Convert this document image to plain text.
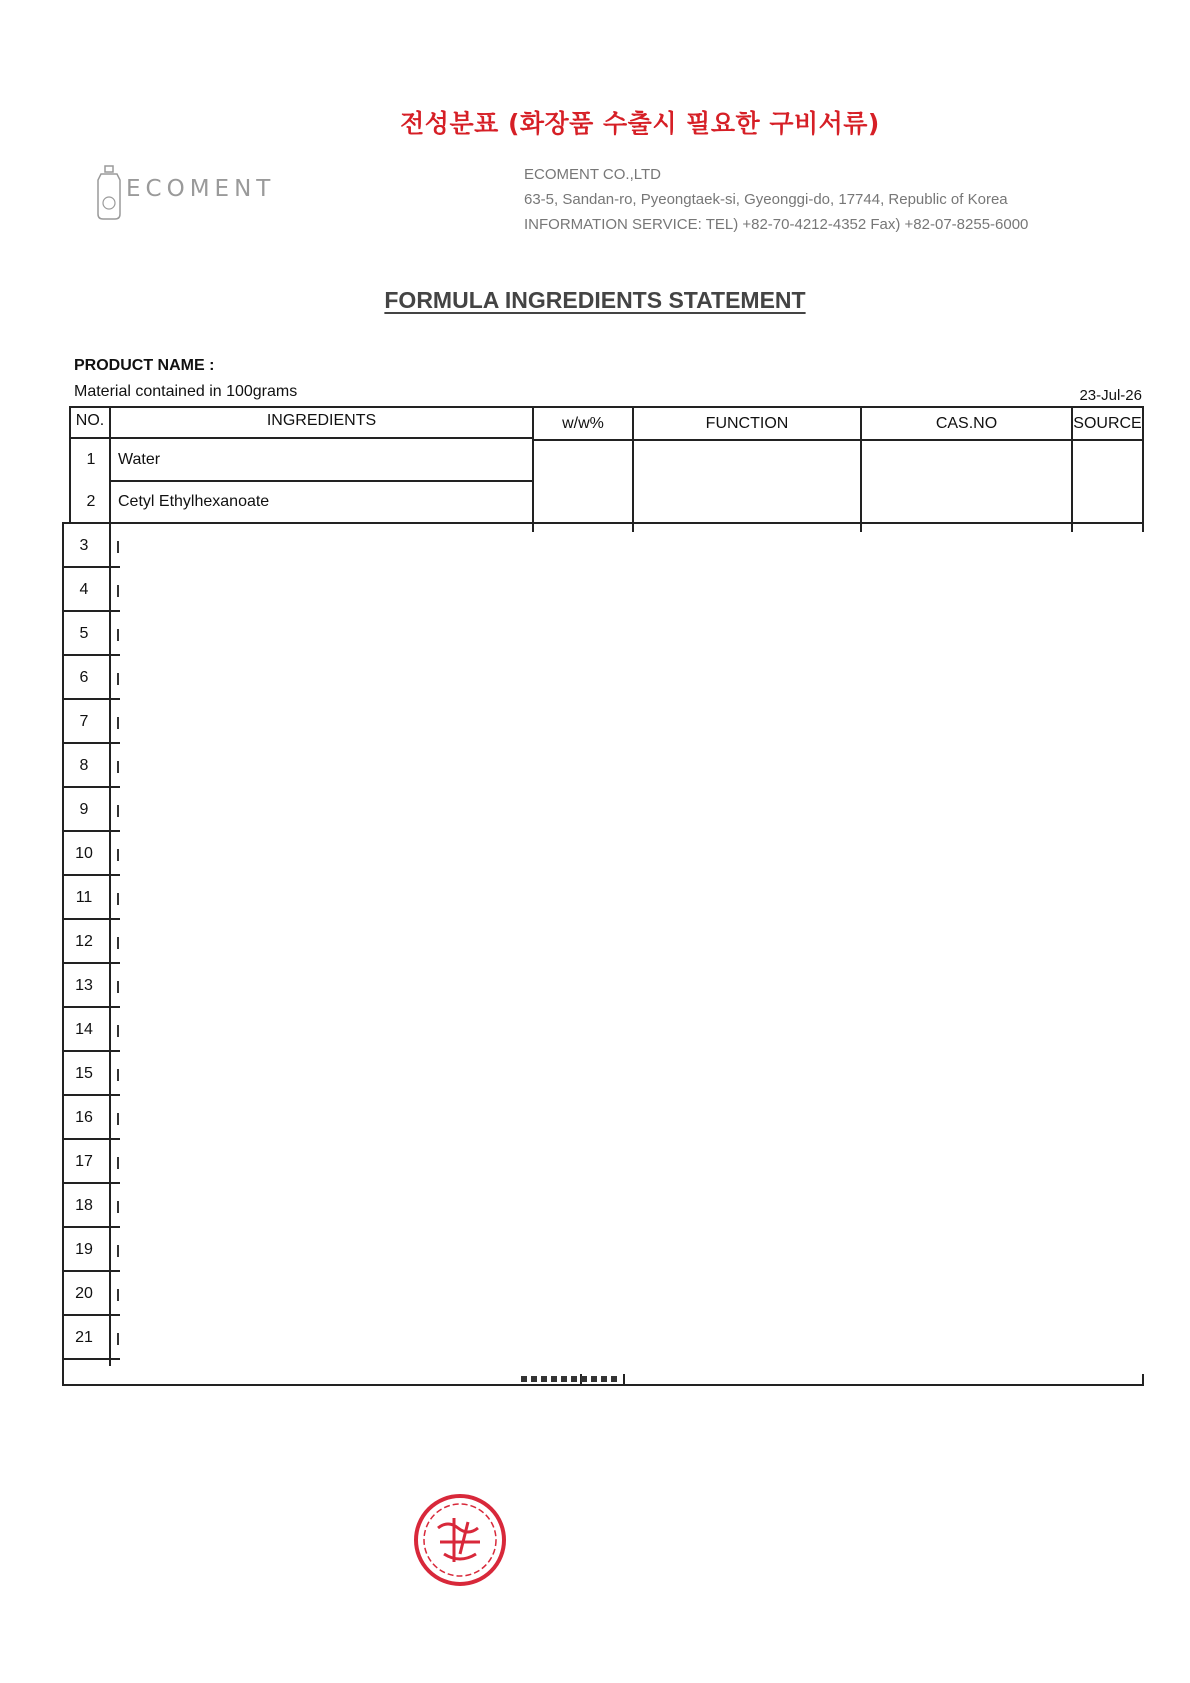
전성분표 (화장품 수출시 필요한 구비서류)
ECOMENT
ECOMENT CO.,LTD
63-5, Sandan-ro, Pyeongtaek-si, Gyeonggi-do, 17744, Republic of Korea
INFORMATION SERVICE: TEL) +82-70-4212-4352 Fax) +82-07-8255-6000
FORMULA INGREDIENTS STATEMENT
PRODUCT NAME :
Material contained in 100grams	23-Jul-26
NO.	INGREDIENTS	w/w%	FUNCTION	CAS.NO	SOURCE
1	Water
2	Cetyl Ethylhexanoate
3
4
5
6
7
8
9
10
11
12
13
14
15
16
17
18
19
20
21
